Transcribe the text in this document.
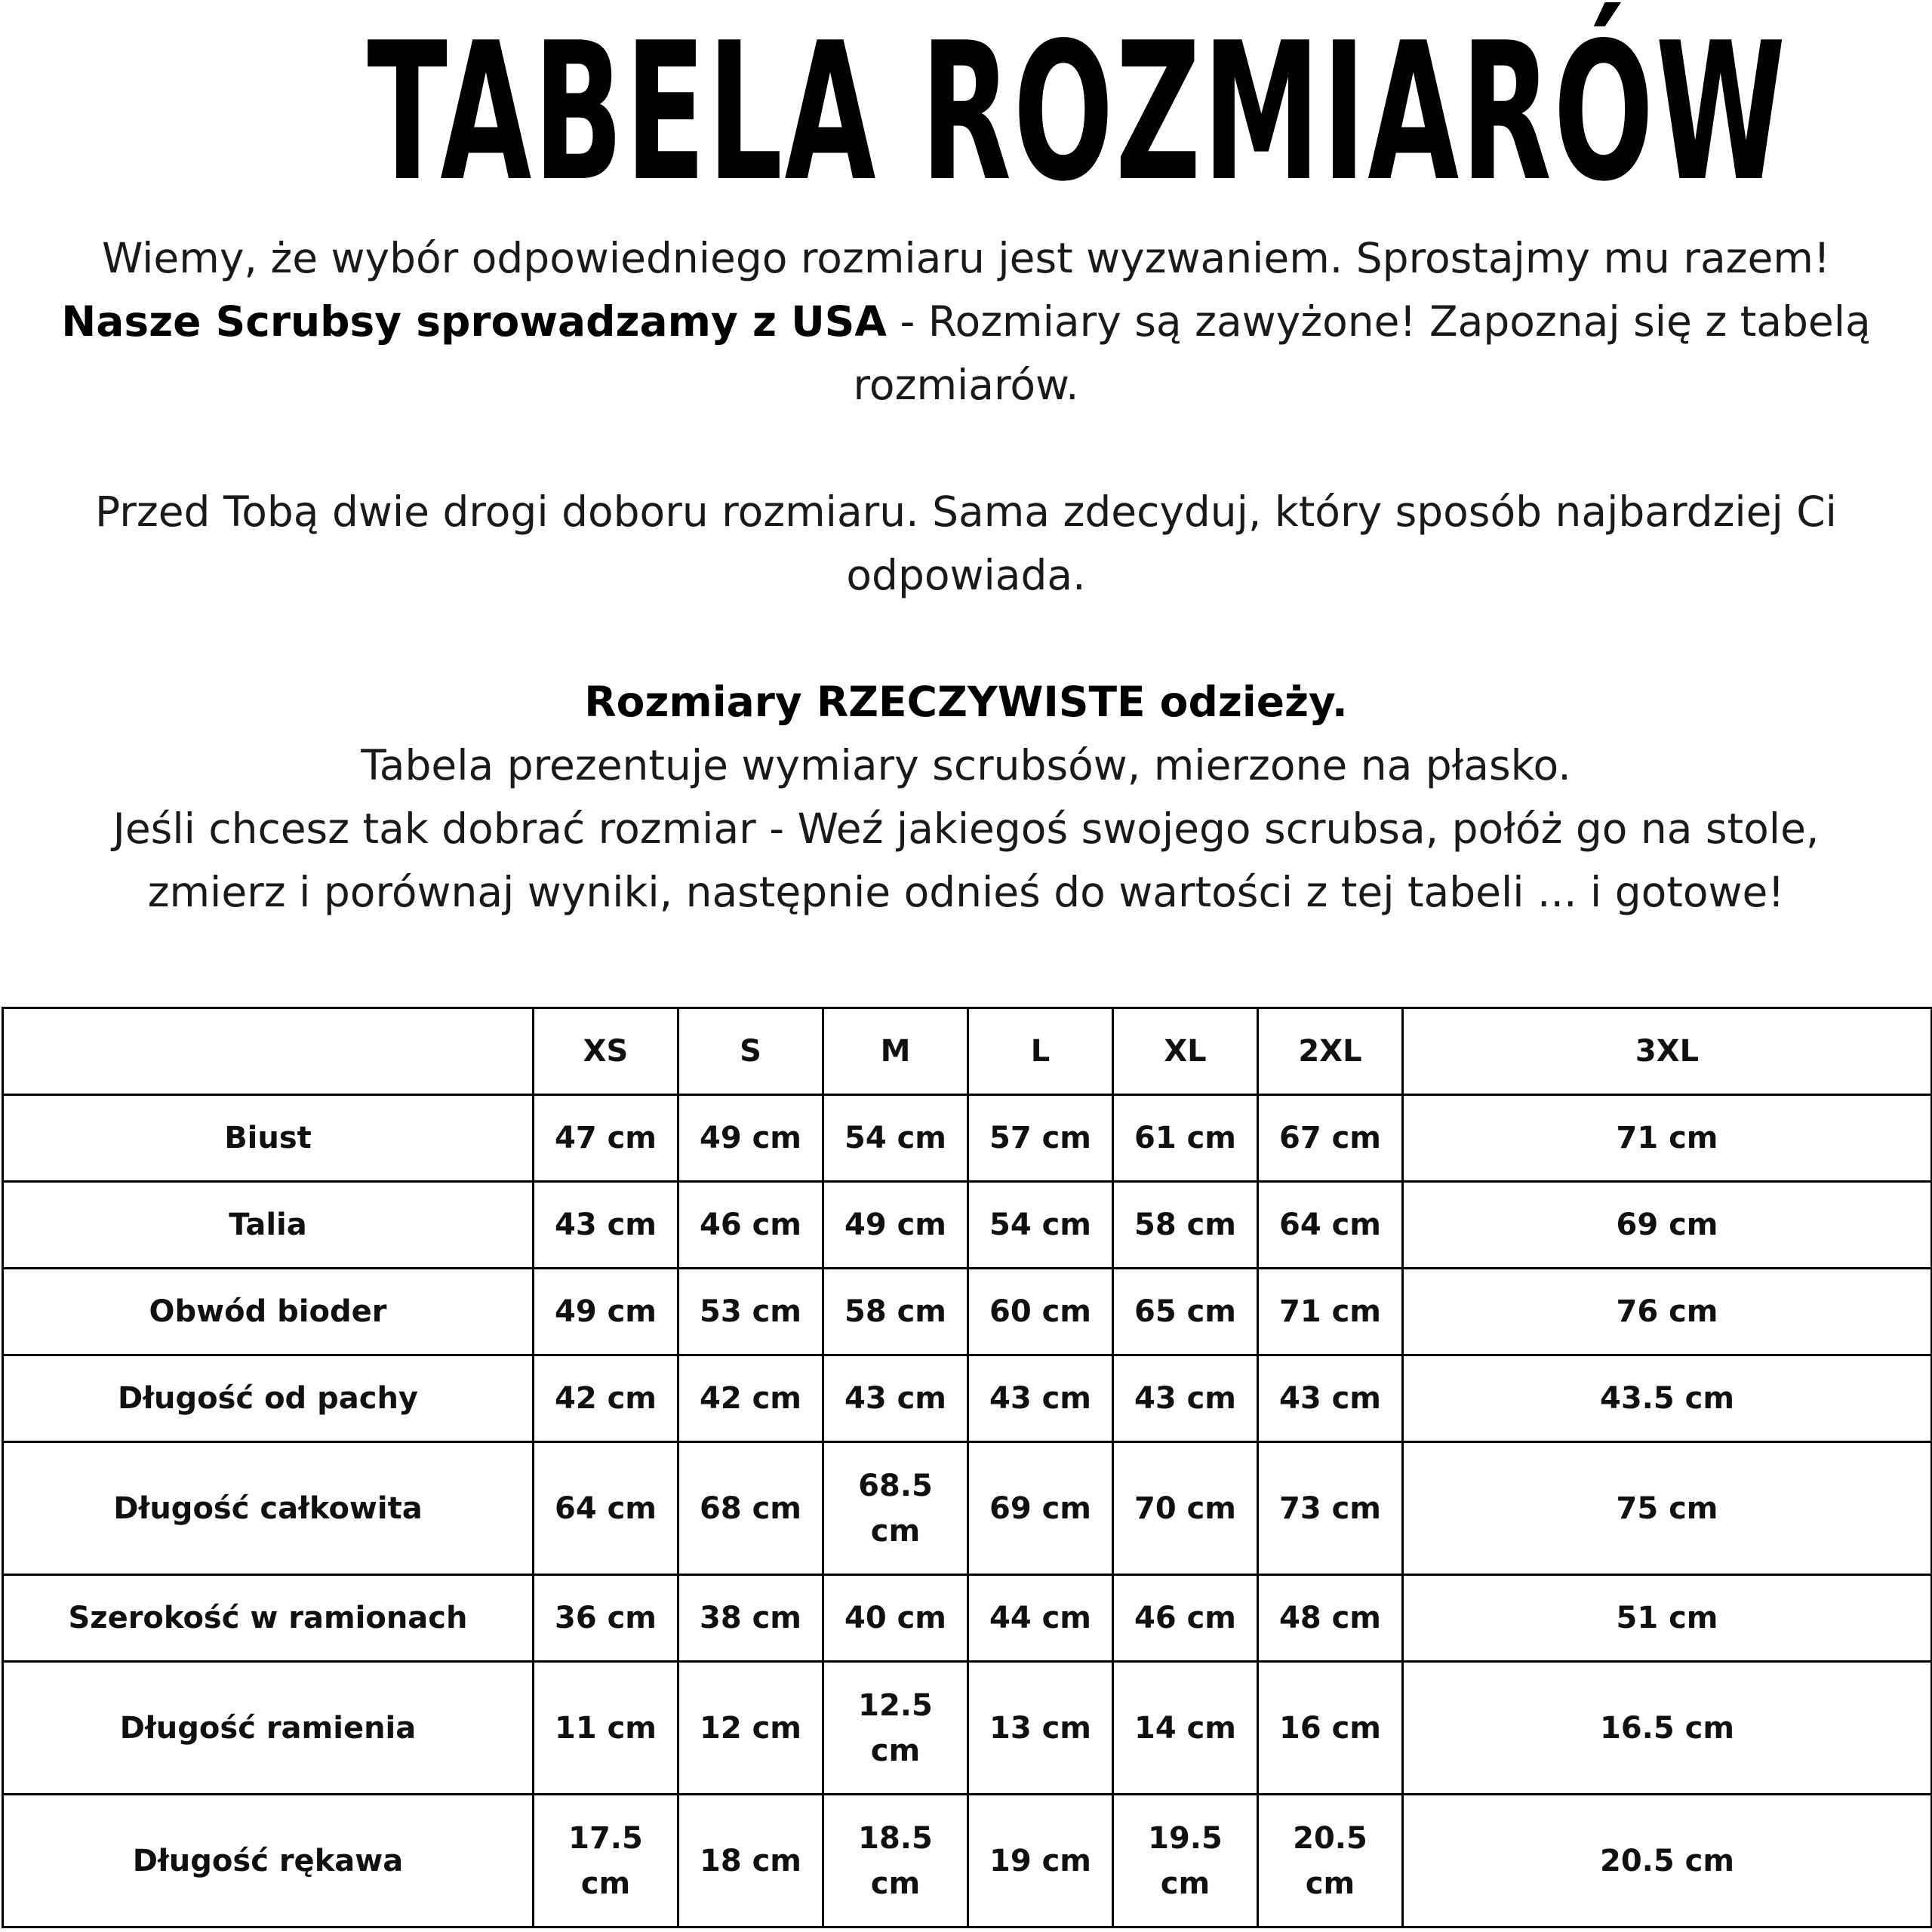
TABELA ROZMIARÓW

Wiemy, że wybór odpowiedniego rozmiaru jest wyzwaniem. Sprostajmy mu razem!

Nasze Scrubsy sprowadzamy z USA - Rozmiary są zawyżone! Zapoznaj się z tabelą rozmiarów.

Przed Tobą dwie drogi doboru rozmiaru. Sama zdecyduj, który sposób najbardziej Ci odpowiada.

Rozmiary RZECZYWISTE odzieży.

Tabela prezentuje wymiary scrubsów, mierzone na płasko.

Jeśli chcesz tak dobrać rozmiar - Weź jakiegoś swojego scrubsa, połóż go na stole, zmierz i porównaj wyniki, następnie odnieś do wartości z tej tabeli ... i gotowe!

	XS	S	M	L	XL	2XL	3XL
Biust	47 cm	49 cm	54 cm	57 cm	61 cm	67 cm	71 cm
Talia	43 cm	46 cm	49 cm	54 cm	58 cm	64 cm	69 cm
Obwód bioder	49 cm	53 cm	58 cm	60 cm	65 cm	71 cm	76 cm
Długość od pachy	42 cm	42 cm	43 cm	43 cm	43 cm	43 cm	43.5 cm
Długość całkowita	64 cm	68 cm	68.5 cm	69 cm	70 cm	73 cm	75 cm
Szerokość w ramionach	36 cm	38 cm	40 cm	44 cm	46 cm	48 cm	51 cm
Długość ramienia	11 cm	12 cm	12.5 cm	13 cm	14 cm	16 cm	16.5 cm
Długość rękawa	17.5 cm	18 cm	18.5 cm	19 cm	19.5 cm	20.5 cm	20.5 cm
